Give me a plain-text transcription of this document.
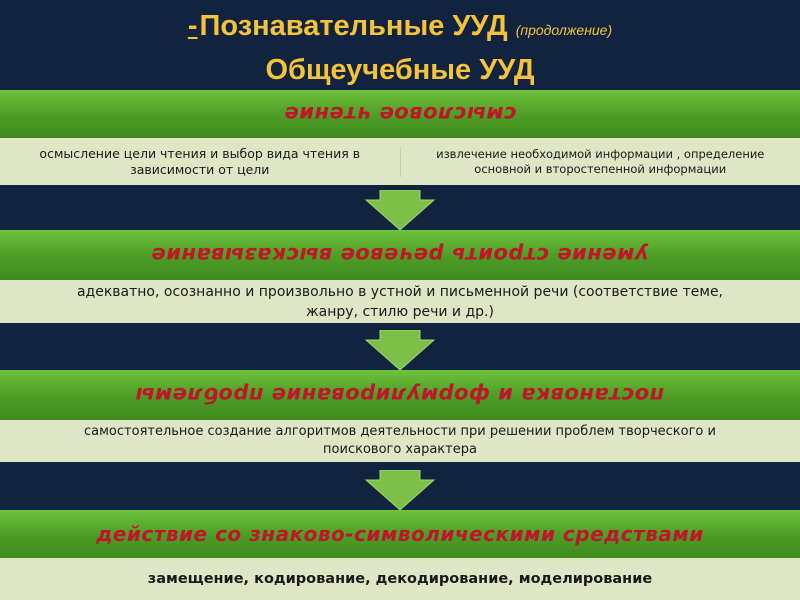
-Познавательные УУД (продолжение)
Общеучебные УУД
смысловое чтение
осмысление цели чтения и выбор вида чтения в зависимости от цели
извлечение необходимой информации , определение основной и второстепенной информации
умение строить речевое высказывание
адекватно, осознанно и произвольно в устной и письменной речи (соответствие теме, жанру, стилю речи и др.)
постановка и формулирование проблемы
самостоятельное создание алгоритмов деятельности при решении проблем творческого и поискового характера
действие со знаково-символическими средствами
замещение, кодирование, декодирование, моделирование
